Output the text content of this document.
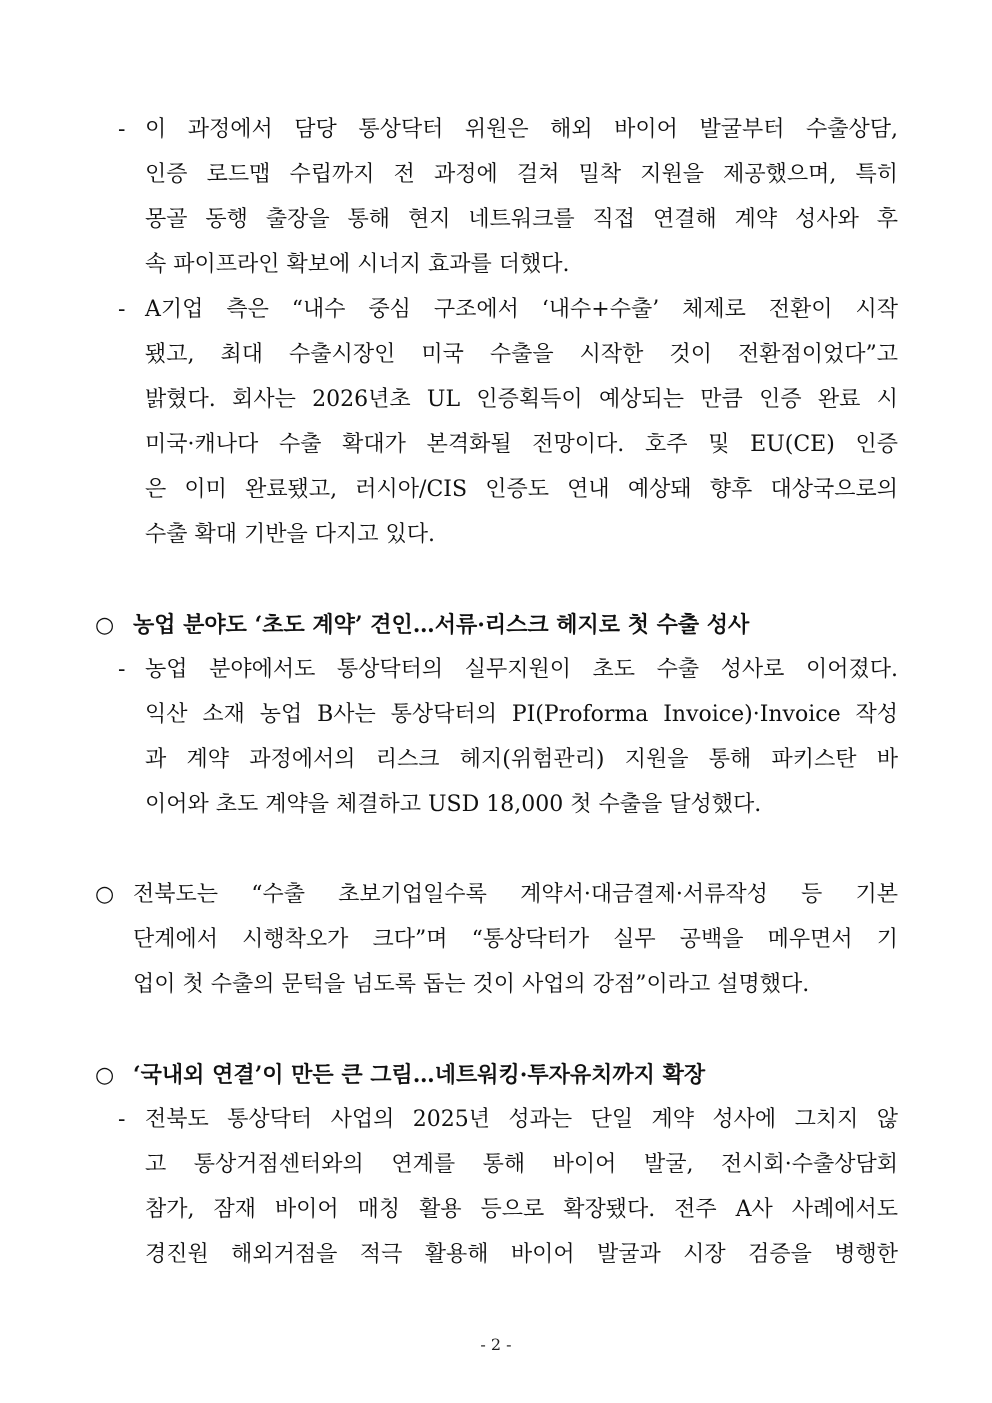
- 이 과정에서 담당 통상닥터 위원은 해외 바이어 발굴부터 수출상담,
인증 로드맵 수립까지 전 과정에 걸쳐 밀착 지원을 제공했으며, 특히
몽골 동행 출장을 통해 현지 네트워크를 직접 연결해 계약 성사와 후
속 파이프라인 확보에 시너지 효과를 더했다.
- A기업 측은 “내수 중심 구조에서 ‘내수+수출’ 체제로 전환이 시작
됐고, 최대 수출시장인 미국 수출을 시작한 것이 전환점이었다”고
밝혔다. 회사는 2026년초 UL 인증획득이 예상되는 만큼 인증 완료 시
미국·캐나다 수출 확대가 본격화될 전망이다. 호주 및 EU(CE) 인증
은 이미 완료됐고, 러시아/CIS 인증도 연내 예상돼 향후 대상국으로의
수출 확대 기반을 다지고 있다.
○ 농업 분야도 ‘초도 계약’ 견인…서류·리스크 헤지로 첫 수출 성사
- 농업 분야에서도 통상닥터의 실무지원이 초도 수출 성사로 이어졌다.
익산 소재 농업 B사는 통상닥터의 PI(Proforma Invoice)·Invoice 작성
과 계약 과정에서의 리스크 헤지(위험관리) 지원을 통해 파키스탄 바
이어와 초도 계약을 체결하고 USD 18,000 첫 수출을 달성했다.
○ 전북도는 “수출 초보기업일수록 계약서·대금결제·서류작성 등 기본
단계에서 시행착오가 크다”며 “통상닥터가 실무 공백을 메우면서 기
업이 첫 수출의 문턱을 넘도록 돕는 것이 사업의 강점”이라고 설명했다.
○ ‘국내외 연결’이 만든 큰 그림…네트워킹·투자유치까지 확장
- 전북도 통상닥터 사업의 2025년 성과는 단일 계약 성사에 그치지 않
고 통상거점센터와의 연계를 통해 바이어 발굴, 전시회·수출상담회
참가, 잠재 바이어 매칭 활용 등으로 확장됐다. 전주 A사 사례에서도
경진원 해외거점을 적극 활용해 바이어 발굴과 시장 검증을 병행한
- 2 -
